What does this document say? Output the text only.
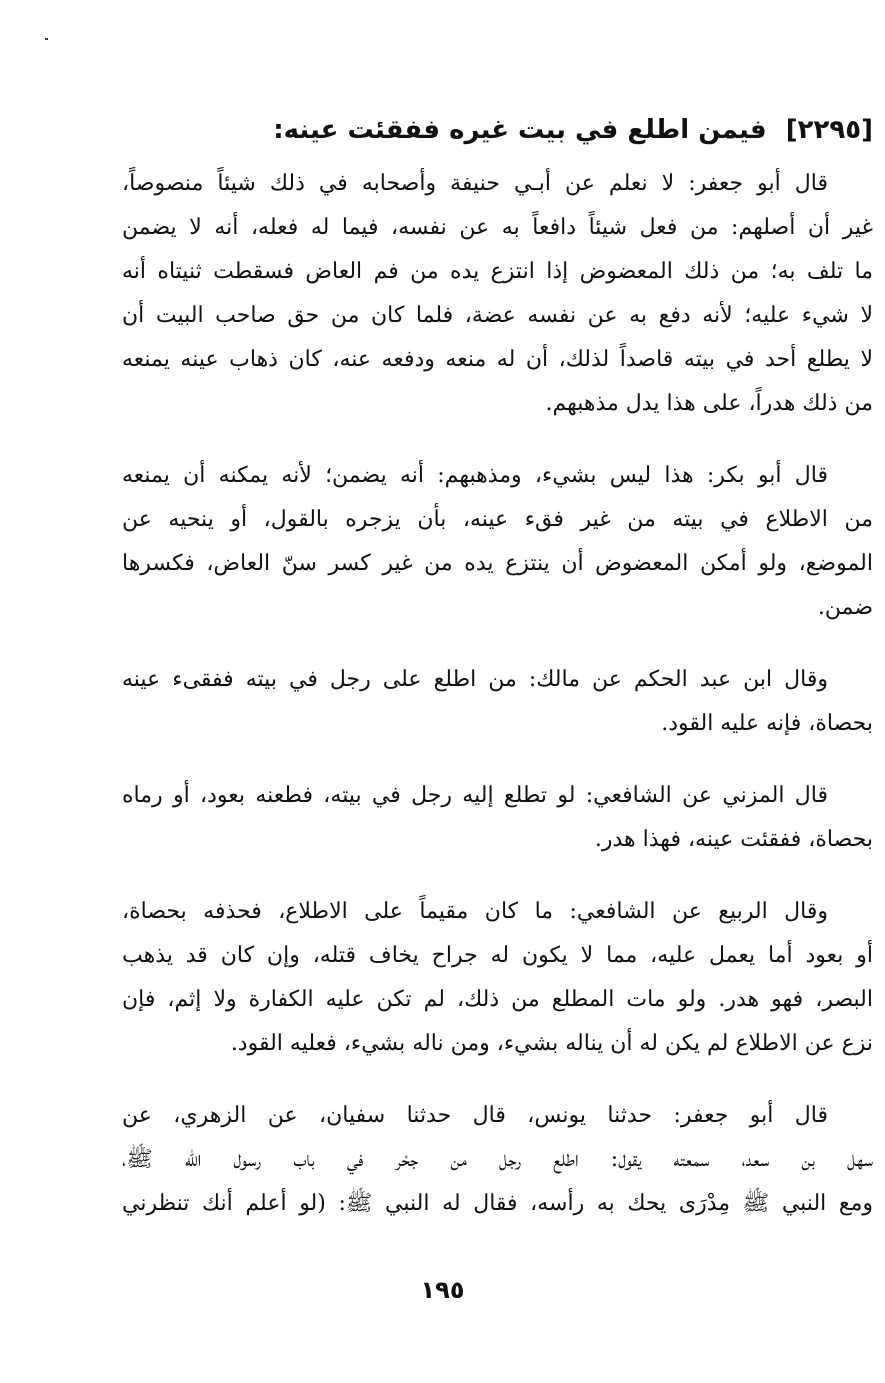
[٢٢٩٥] فيمن اطلع في بيت غيره ففقئت عينه:
قال أبو جعفر: لا نعلم عن أبـي حنيفة وأصحابه في ذلك شيئاً منصوصاً،
غير أن أصلهم: من فعل شيئاً دافعاً به عن نفسه، فيما له فعله، أنه لا يضمن
ما تلف به؛ من ذلك المعضوض إذا انتزع يده من فم العاض فسقطت ثنيتاه أنه
لا شيء عليه؛ لأنه دفع به عن نفسه عضة، فلما كان من حق صاحب البيت أن
لا يطلع أحد في بيته قاصداً لذلك، أن له منعه ودفعه عنه، كان ذهاب عينه يمنعه
من ذلك هدراً، على هذا يدل مذهبهم.
قال أبو بكر: هذا ليس بشيء، ومذهبهم: أنه يضمن؛ لأنه يمكنه أن يمنعه
من الاطلاع في بيته من غير فقء عينه، بأن يزجره بالقول، أو ينحيه عن
الموضع، ولو أمكن المعضوض أن ينتزع يده من غير كسر سنّ العاض، فكسرها
ضمن.
وقال ابن عبد الحكم عن مالك: من اطلع على رجل في بيته ففقىء عينه
بحصاة، فإنه عليه القود.
قال المزني عن الشافعي: لو تطلع إليه رجل في بيته، فطعنه بعود، أو رماه
بحصاة، ففقئت عينه، فهذا هدر.
وقال الربيع عن الشافعي: ما كان مقيماً على الاطلاع، فحذفه بحصاة،
أو بعود أما يعمل عليه، مما لا يكون له جراح يخاف قتله، وإن كان قد يذهب
البصر، فهو هدر. ولو مات المطلع من ذلك، لم تكن عليه الكفارة ولا إثم، فإن
نزع عن الاطلاع لم يكن له أن يناله بشيء، ومن ناله بشيء، فعليه القود.
قال أبو جعفر: حدثنا يونس، قال حدثنا سفيان، عن الزهري، عن
سهل بن سعد، سمعته يقول: اطلع رجل من جحْر في باب رسول الله ﷺ،
ومع النبي ﷺ مِدْرَى يحك به رأسه، فقال له النبي ﷺ: (لو أعلم أنك تنظرني
١٩٥
